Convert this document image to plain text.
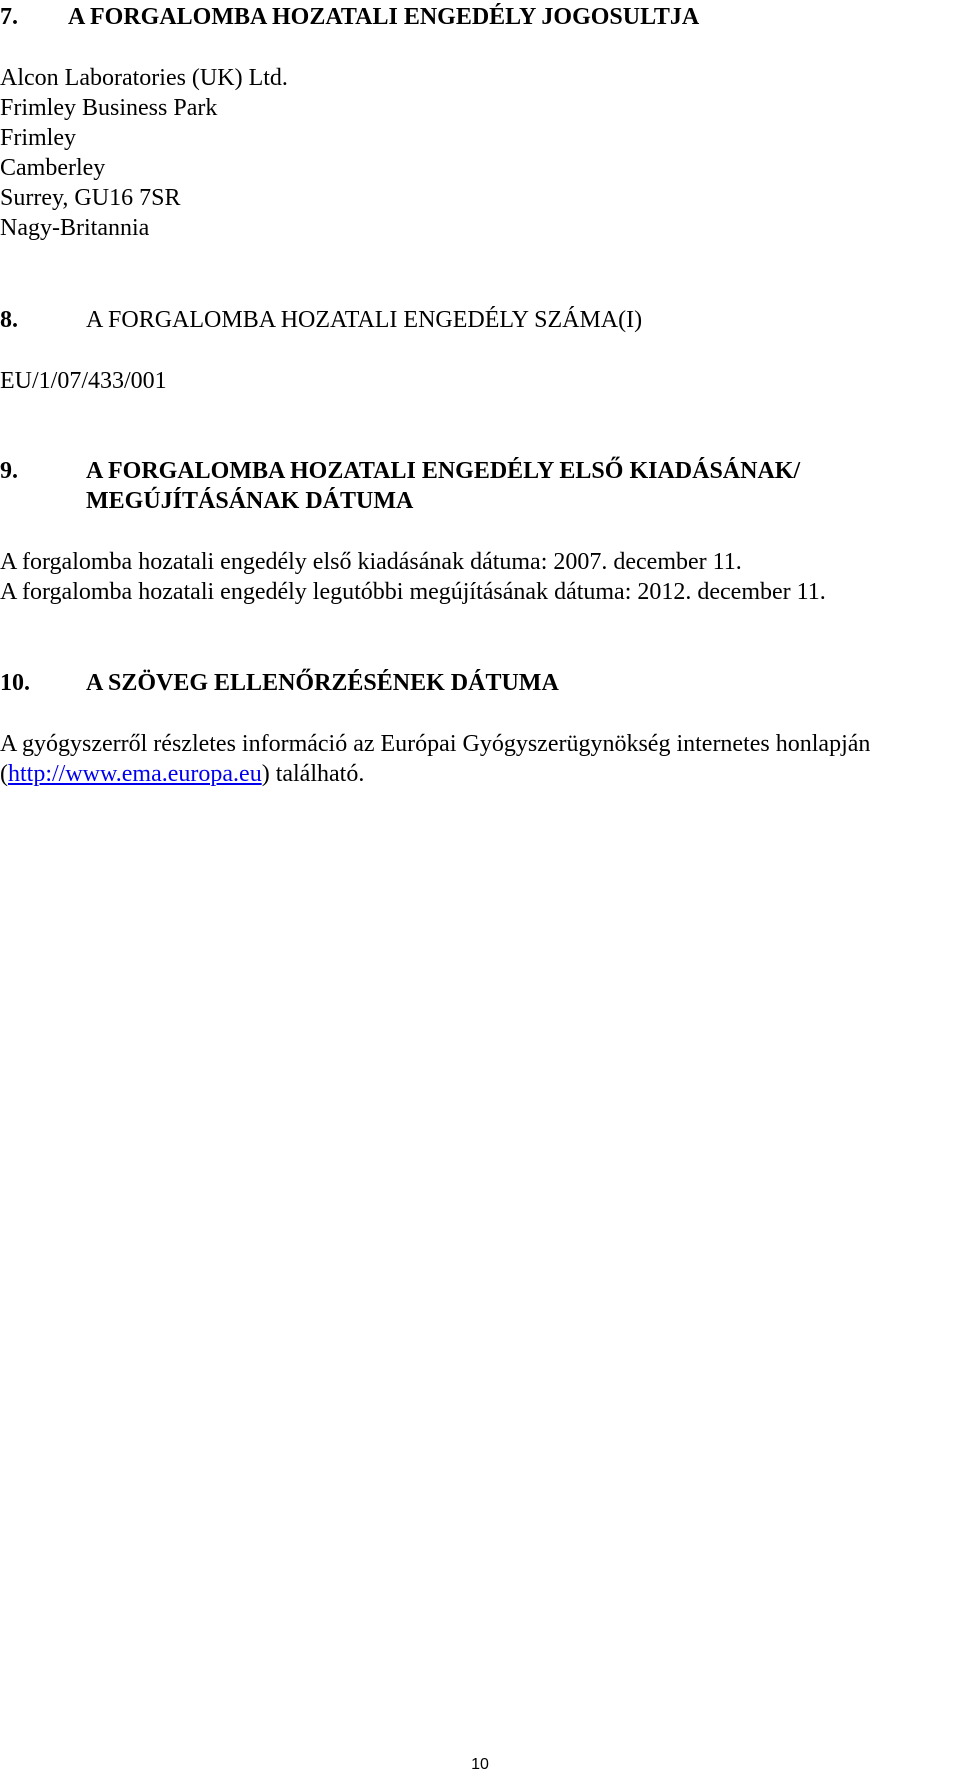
7. A FORGALOMBA HOZATALI ENGEDÉLY JOGOSULTJA
Alcon Laboratories (UK) Ltd.
Frimley Business Park
Frimley
Camberley
Surrey, GU16 7SR
Nagy-Britannia
8.	A FORGALOMBA HOZATALI ENGEDÉLY SZÁMA(I)
EU/1/07/433/001
9.	A FORGALOMBA HOZATALI ENGEDÉLY ELSŐ KIADÁSÁNAK/
MEGÚJÍTÁSÁNAK DÁTUMA
A forgalomba hozatali engedély első kiadásának dátuma: 2007. december 11.
A forgalomba hozatali engedély legutóbbi megújításának dátuma: 2012. december 11.
10. A SZÖVEG ELLENŐRZÉSÉNEK DÁTUMA
A gyógyszerről részletes információ az Európai Gyógyszerügynökség internetes honlapján
(http://www.ema.europa.eu) található.
10
